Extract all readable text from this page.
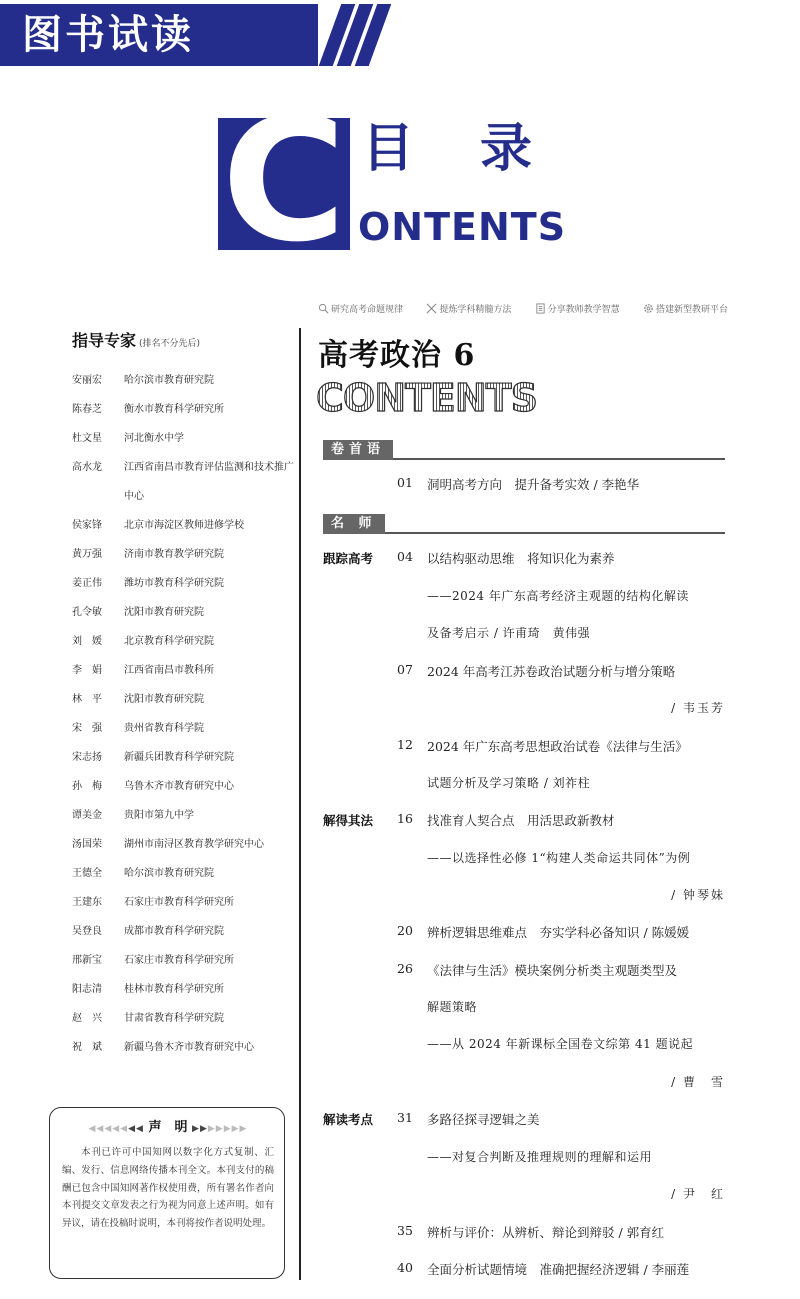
图书试读
C 目录
ONTENTS
研究高考命题规律	提炼学科精髓方法	分享教师教学智慧	搭建新型教研平台
指导专家 (排名不分先后)
安丽宏	哈尔滨市教育研究院
陈春芝	衡水市教育科学研究所
杜文星	河北衡水中学
高水龙	江西省南昌市教育评估监测和技术推广中心
侯家锋	北京市海淀区教师进修学校
黄万强	济南市教育教学研究院
姜正伟	潍坊市教育科学研究院
孔令敏	沈阳市教育研究院
刘　媛	北京教育科学研究院
李　娟	江西省南昌市教科所
林　平	沈阳市教育研究院
宋　强	贵州省教育科学院
宋志扬	新疆兵团教育科学研究院
孙　梅	乌鲁木齐市教育研究中心
谭美金	贵阳市第九中学
汤国荣	湖州市南浔区教育教学研究中心
王德全	哈尔滨市教育研究院
王建东	石家庄市教育科学研究所
吴登良	成都市教育科学研究院
邢新宝	石家庄市教育科学研究所
阳志清	桂林市教育科学研究所
赵　兴	甘肃省教育科学研究院
祝　斌	新疆乌鲁木齐市教育研究中心
◀◀◀◀◀◀◀ 声　明 ▶▶▶▶▶▶▶
本刊已许可中国知网以数字化方式复制、汇编、发行、信息网络传播本刊全文。本刊支付的稿酬已包含中国知网著作权使用费，所有署名作者向本刊提交文章发表之行为视为同意上述声明。如有异议，请在投稿时说明，本刊将按作者说明处理。
高考政治 6
CONTENTS
卷首语
01 洞明高考方向　提升备考实效 / 李艳华
名 师
跟踪高考 04 以结构驱动思维　将知识化为素养
——2024 年广东高考经济主观题的结构化解读
及备考启示 / 许甫琦　黄伟强
07 2024 年高考江苏卷政治试题分析与增分策略
/ 韦玉芳
12 2024 年广东高考思想政治试卷《法律与生活》
试题分析及学习策略 / 刘祚柱
解得其法 16 找准育人契合点　用活思政新教材
——以选择性必修 1“构建人类命运共同体”为例
/ 钟琴妹
20 辨析逻辑思维难点　夯实学科必备知识 / 陈媛媛
26 《法律与生活》模块案例分析类主观题类型及
解题策略
——从 2024 年新课标全国卷文综第 41 题说起
/ 曹　雪
解读考点 31 多路径探寻逻辑之美
——对复合判断及推理规则的理解和运用
/ 尹　红
35 辨析与评价：从辨析、辩论到辩驳 / 郭育红
40 全面分析试题情境　准确把握经济逻辑 / 李丽莲
